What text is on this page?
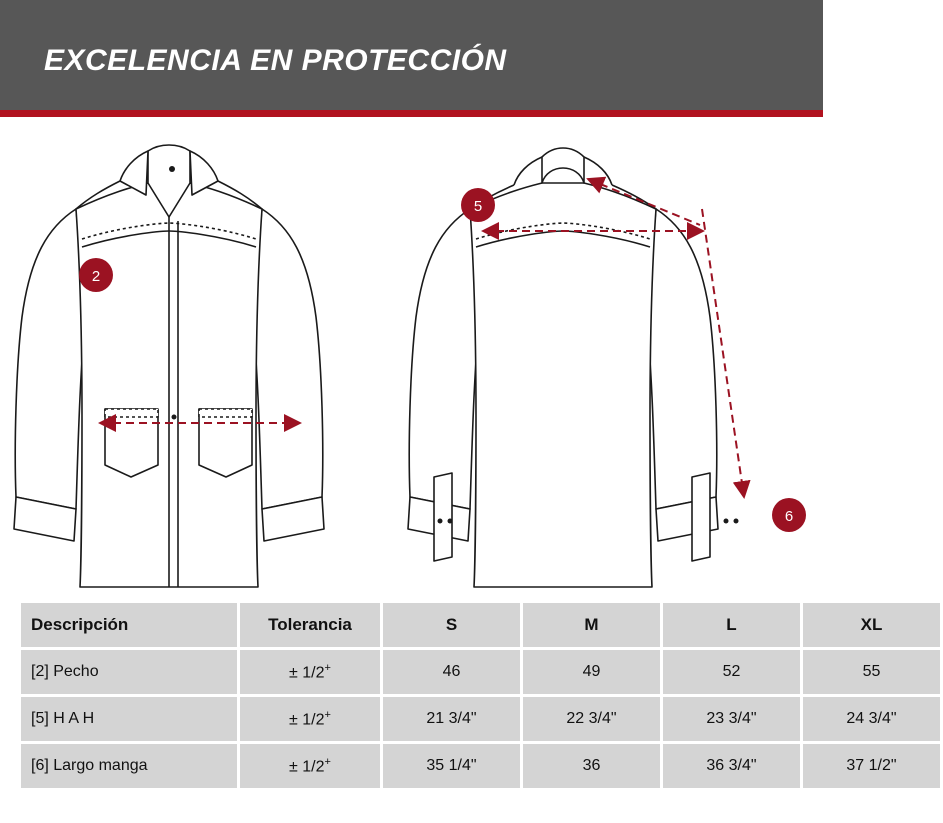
EXCELENCIA EN PROTECCIÓN
2
5
6
Descripción	Tolerancia	S	M	L	XL
[2] Pecho	± 1/2+	46	49	52	55
[5] H A H	± 1/2+	21 3/4"	22 3/4"	23 3/4"	24 3/4"
[6] Largo manga	± 1/2+	35 1/4"	36	36 3/4"	37 1/2"
